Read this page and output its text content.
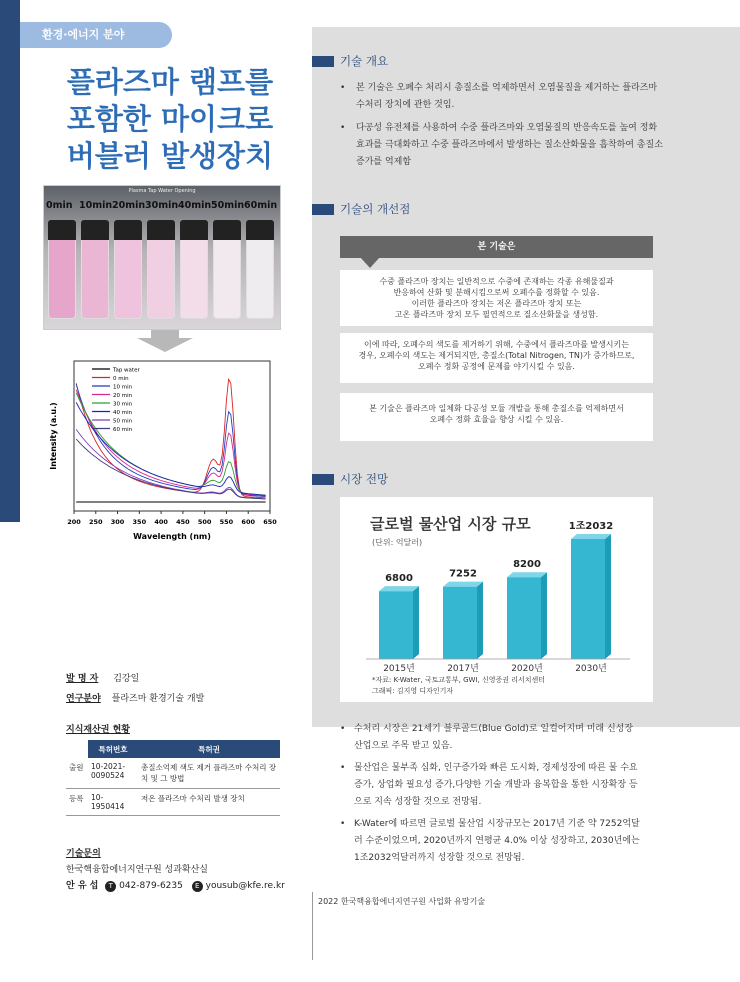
환경·에너지 분야
플라즈마 램프를
포함한 마이크로
버블러 발생장치
Plasma Tap Water Opening
0min 10min 20min 30min 40min 50min 60min
200 250 300 350 400 450 500 550 600 650
Wavelength (nm)
Intensity (a.u.)
Tap water
0 min
10 min
20 min
30 min
40 min
50 min
60 min
발 명 자 김강일
연구분야 플라즈마 환경기술 개발
지식재산권 현황
	특허번호	특허권
출원	10-2021-0090524	총질소억제 색도 제거 플라즈마 수처리 장치 및 그 방법
등록	10-1950414	저온 플라즈마 수처리 발생 장치
기술문의
한국핵융합에너지연구원 성과확산실
안 유 섭 T 042-879-6235 E yousub@kfe.re.kr
기술 개요
•	본 기술은 오폐수 처리시 총질소를 억제하면서 오염물질을 제거하는 플라즈마 수처리 장치에 관한 것임.
•	다공성 유전체를 사용하여 수중 플라즈마와 오염물질의 반응속도를 높여 정화 효과를 극대화하고 수중 플라즈마에서 발생하는 질소산화물을 흡착하여 총질소 증가를 억제함
기술의 개선점
본 기술은
수중 플라즈마 장치는 일반적으로 수중에 존재하는 각종 유해물질과
반응하여 산화 및 분해시킴으로써 오폐수를 정화할 수 있음.
이러한 플라즈마 장치는 저온 플라즈마 장치 또는
고온 플라즈마 장치 모두 필연적으로 질소산화물을 생성함.
이에 따라, 오폐수의 색도를 제거하기 위해, 수중에서 플라즈마를 발생시키는
경우, 오폐수의 색도는 제거되지만, 총질소(Total Nitrogen, TN)가 증가하므로,
오폐수 정화 공정에 문제를 야기시킬 수 있음.
본 기술은 플라즈마 일체화 다공성 모듈 개발을 통해 총질소를 억제하면서
오폐수 정화 효율을 향상 시킬 수 있음.
시장 전망
글로벌 물산업 시장 규모
(단위: 억달러)
6800
2015년
7252
2017년
8200
2020년
1조2032
2030년
*자료: K-Water, 국토교통부, GWI, 신영증권 리서치센터
그래픽: 김지영 디자인기자
• 수처리 시장은 21세기 블루골드(Blue Gold)로 일컬어지며 미래 신성장 산업으로 주목 받고 있음.
• 물산업은 물부족 심화, 인구증가와 빠른 도시화, 경제성장에 따른 물 수요 증가, 상업화 필요성 증가,다양한 기술 개발과 융복합을 통한 시장확장 등으로 지속 성장할 것으로 전망됨.
• K-Water에 따르면 글로벌 물산업 시장규모는 2017년 기준 약 7252억달러 수준이었으며, 2020년까지 연평균 4.0% 이상 성장하고, 2030년에는 1조2032억달러까지 성장할 것으로 전망됨.
2022 한국핵융합에너지연구원 사업화 유망기술
